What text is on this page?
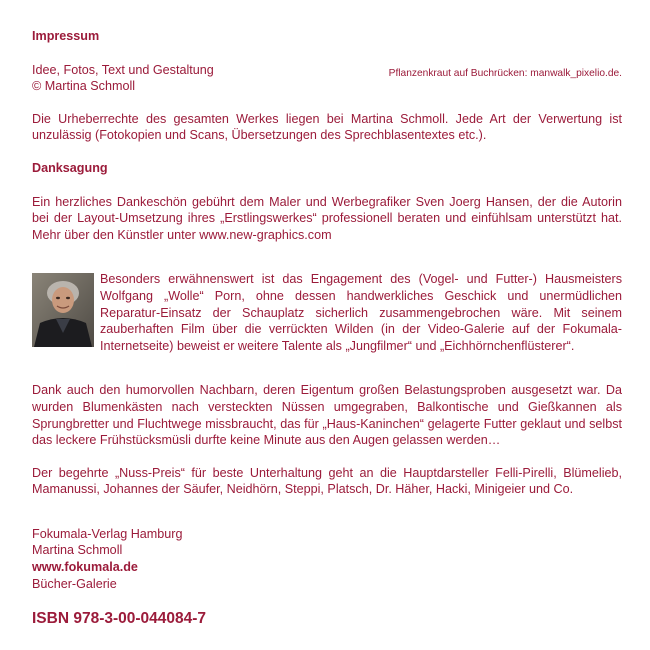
Impressum

Idee, Fotos, Text und Gestaltung

© Martina Schmoll

Pflanzenkraut auf Buchrücken: manwalk_pixelio.de.

Die Urheberrechte des gesamten Werkes liegen bei Martina Schmoll. Jede Art der Verwertung ist unzulässig (Fotokopien und Scans, Übersetzungen des Sprechblasentextes etc.).

Danksagung

Ein herzliches Dankeschön gebührt dem Maler und Werbegrafiker Sven Joerg Hansen, der die Autorin bei der Layout-Umsetzung ihres „Erstlingswerkes“ professionell beraten und einfühlsam unterstützt hat. Mehr über den Künstler unter www.new-graphics.com

Besonders erwähnenswert ist das Engagement des (Vogel- und Futter-) Hausmeisters Wolfgang „Wolle“ Porn, ohne dessen handwerkliches Geschick und unermüdlichen Reparatur-Einsatz der Schauplatz sicherlich zusammengebrochen wäre. Mit seinem zauberhaften Film über die verrückten Wilden (in der Video-Galerie auf der Fokumala-Internetseite) beweist er weitere Talente als „Jungfilmer“ und „Eichhörnchenflüsterer“.

Dank auch den humorvollen Nachbarn, deren Eigentum großen Belastungsproben ausgesetzt war. Da wurden Blumenkästen nach versteckten Nüssen umgegraben, Balkontische und Gießkannen als Sprungbretter und Fluchtwege missbraucht, das für „Haus-Kaninchen“ gelagerte Futter geklaut und selbst das leckere Frühstücksmüsli durfte keine Minute aus den Augen gelassen werden…

Der begehrte „Nuss-Preis“ für beste Unterhaltung geht an die Hauptdarsteller Felli-Pirelli, Blümelieb, Mamanussi, Johannes der Säufer, Neidhörn, Steppi, Platsch, Dr. Häher, Hacki, Minigeier und Co.

Fokumala-Verlag Hamburg

Martina Schmoll

www.fokumala.de

Bücher-Galerie

ISBN 978-3-00-044084-7
